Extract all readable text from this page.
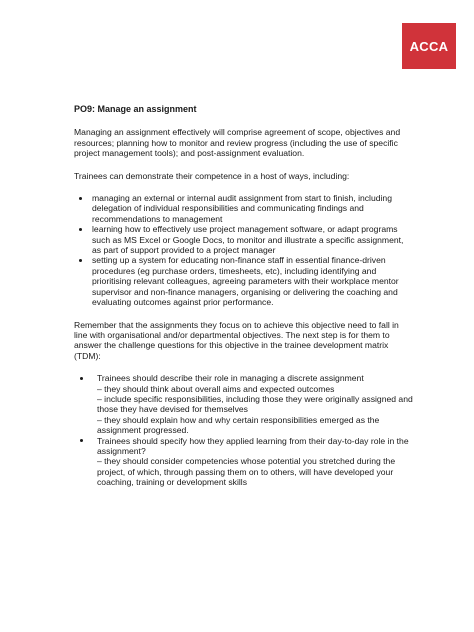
ACCA
PO9: Manage an assignment

Managing an assignment effectively will comprise agreement of scope, objectives and resources; planning how to monitor and review progress (including the use of specific project management tools); and post-assignment evaluation.

Trainees can demonstrate their competence in a host of ways, including:

managing an external or internal audit assignment from start to finish, including delegation of individual responsibilities and communicating findings and recommendations to management
learning how to effectively use project management software, or adapt programs such as MS Excel or Google Docs, to monitor and illustrate a specific assignment, as part of support provided to a project manager
setting up a system for educating non-finance staff in essential finance-driven procedures (eg purchase orders, timesheets, etc), including identifying and prioritising relevant colleagues, agreeing parameters with their workplace mentor supervisor and non-finance managers, organising or delivering the coaching and evaluating outcomes against prior performance.

Remember that the assignments they focus on to achieve this objective need to fall in line with organisational and/or departmental objectives. The next step is for them to answer the challenge questions for this objective in the trainee development matrix (TDM):

Trainees should describe their role in managing a discrete assignment
– they should think about overall aims and expected outcomes
– include specific responsibilities, including those they were originally assigned and those they have devised for themselves
– they should explain how and why certain responsibilities emerged as the assignment progressed.
Trainees should specify how they applied learning from their day-to-day role in the assignment?
– they should consider competencies whose potential you stretched during the project, of which, through passing them on to others, will have developed your coaching, training or development skills
